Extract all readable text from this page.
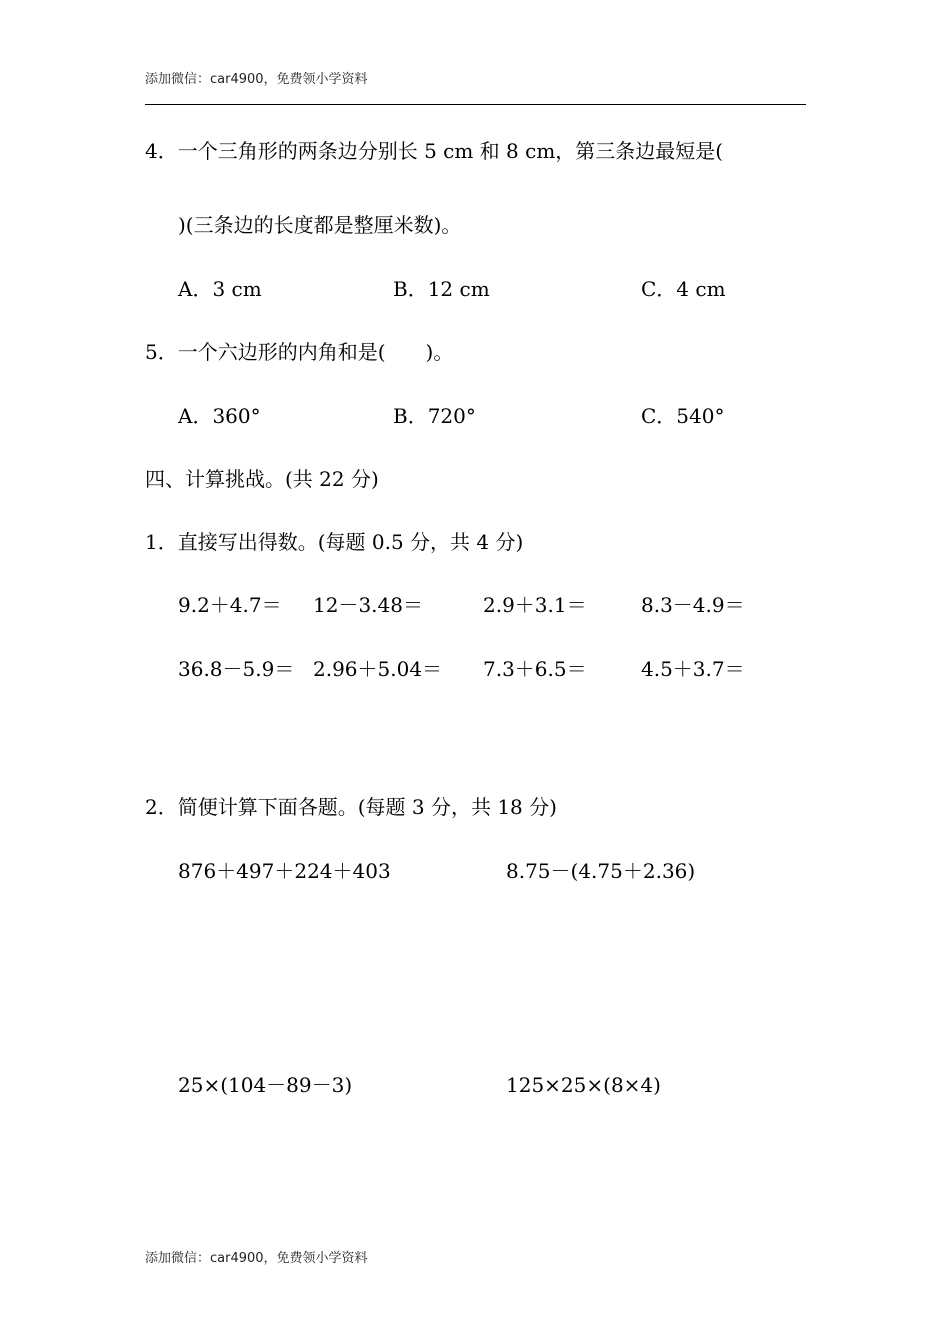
添加微信：car4900，免费领小学资料
4．一个三角形的两条边分别长 5 cm 和 8 cm，第三条边最短是(
)(三条边的长度都是整厘米数)。
A．3 cm	B．12 cm	C．4 cm
5．一个六边形的内角和是(　　)。
A．360°	B．720°	C．540°
四、计算挑战。(共 22 分)
1．直接写出得数。(每题 0.5 分，共 4 分)
9.2＋4.7＝ 12－3.48＝	2.9＋3.1＝	8.3－4.9＝
36.8－5.9＝ 2.96＋5.04＝ 7.3＋6.5＝	4.5＋3.7＝
2．简便计算下面各题。(每题 3 分，共 18 分)
876＋497＋224＋403	8.75－(4.75＋2.36)
25×(104－89－3)	125×25×(8×4)
添加微信：car4900，免费领小学资料
